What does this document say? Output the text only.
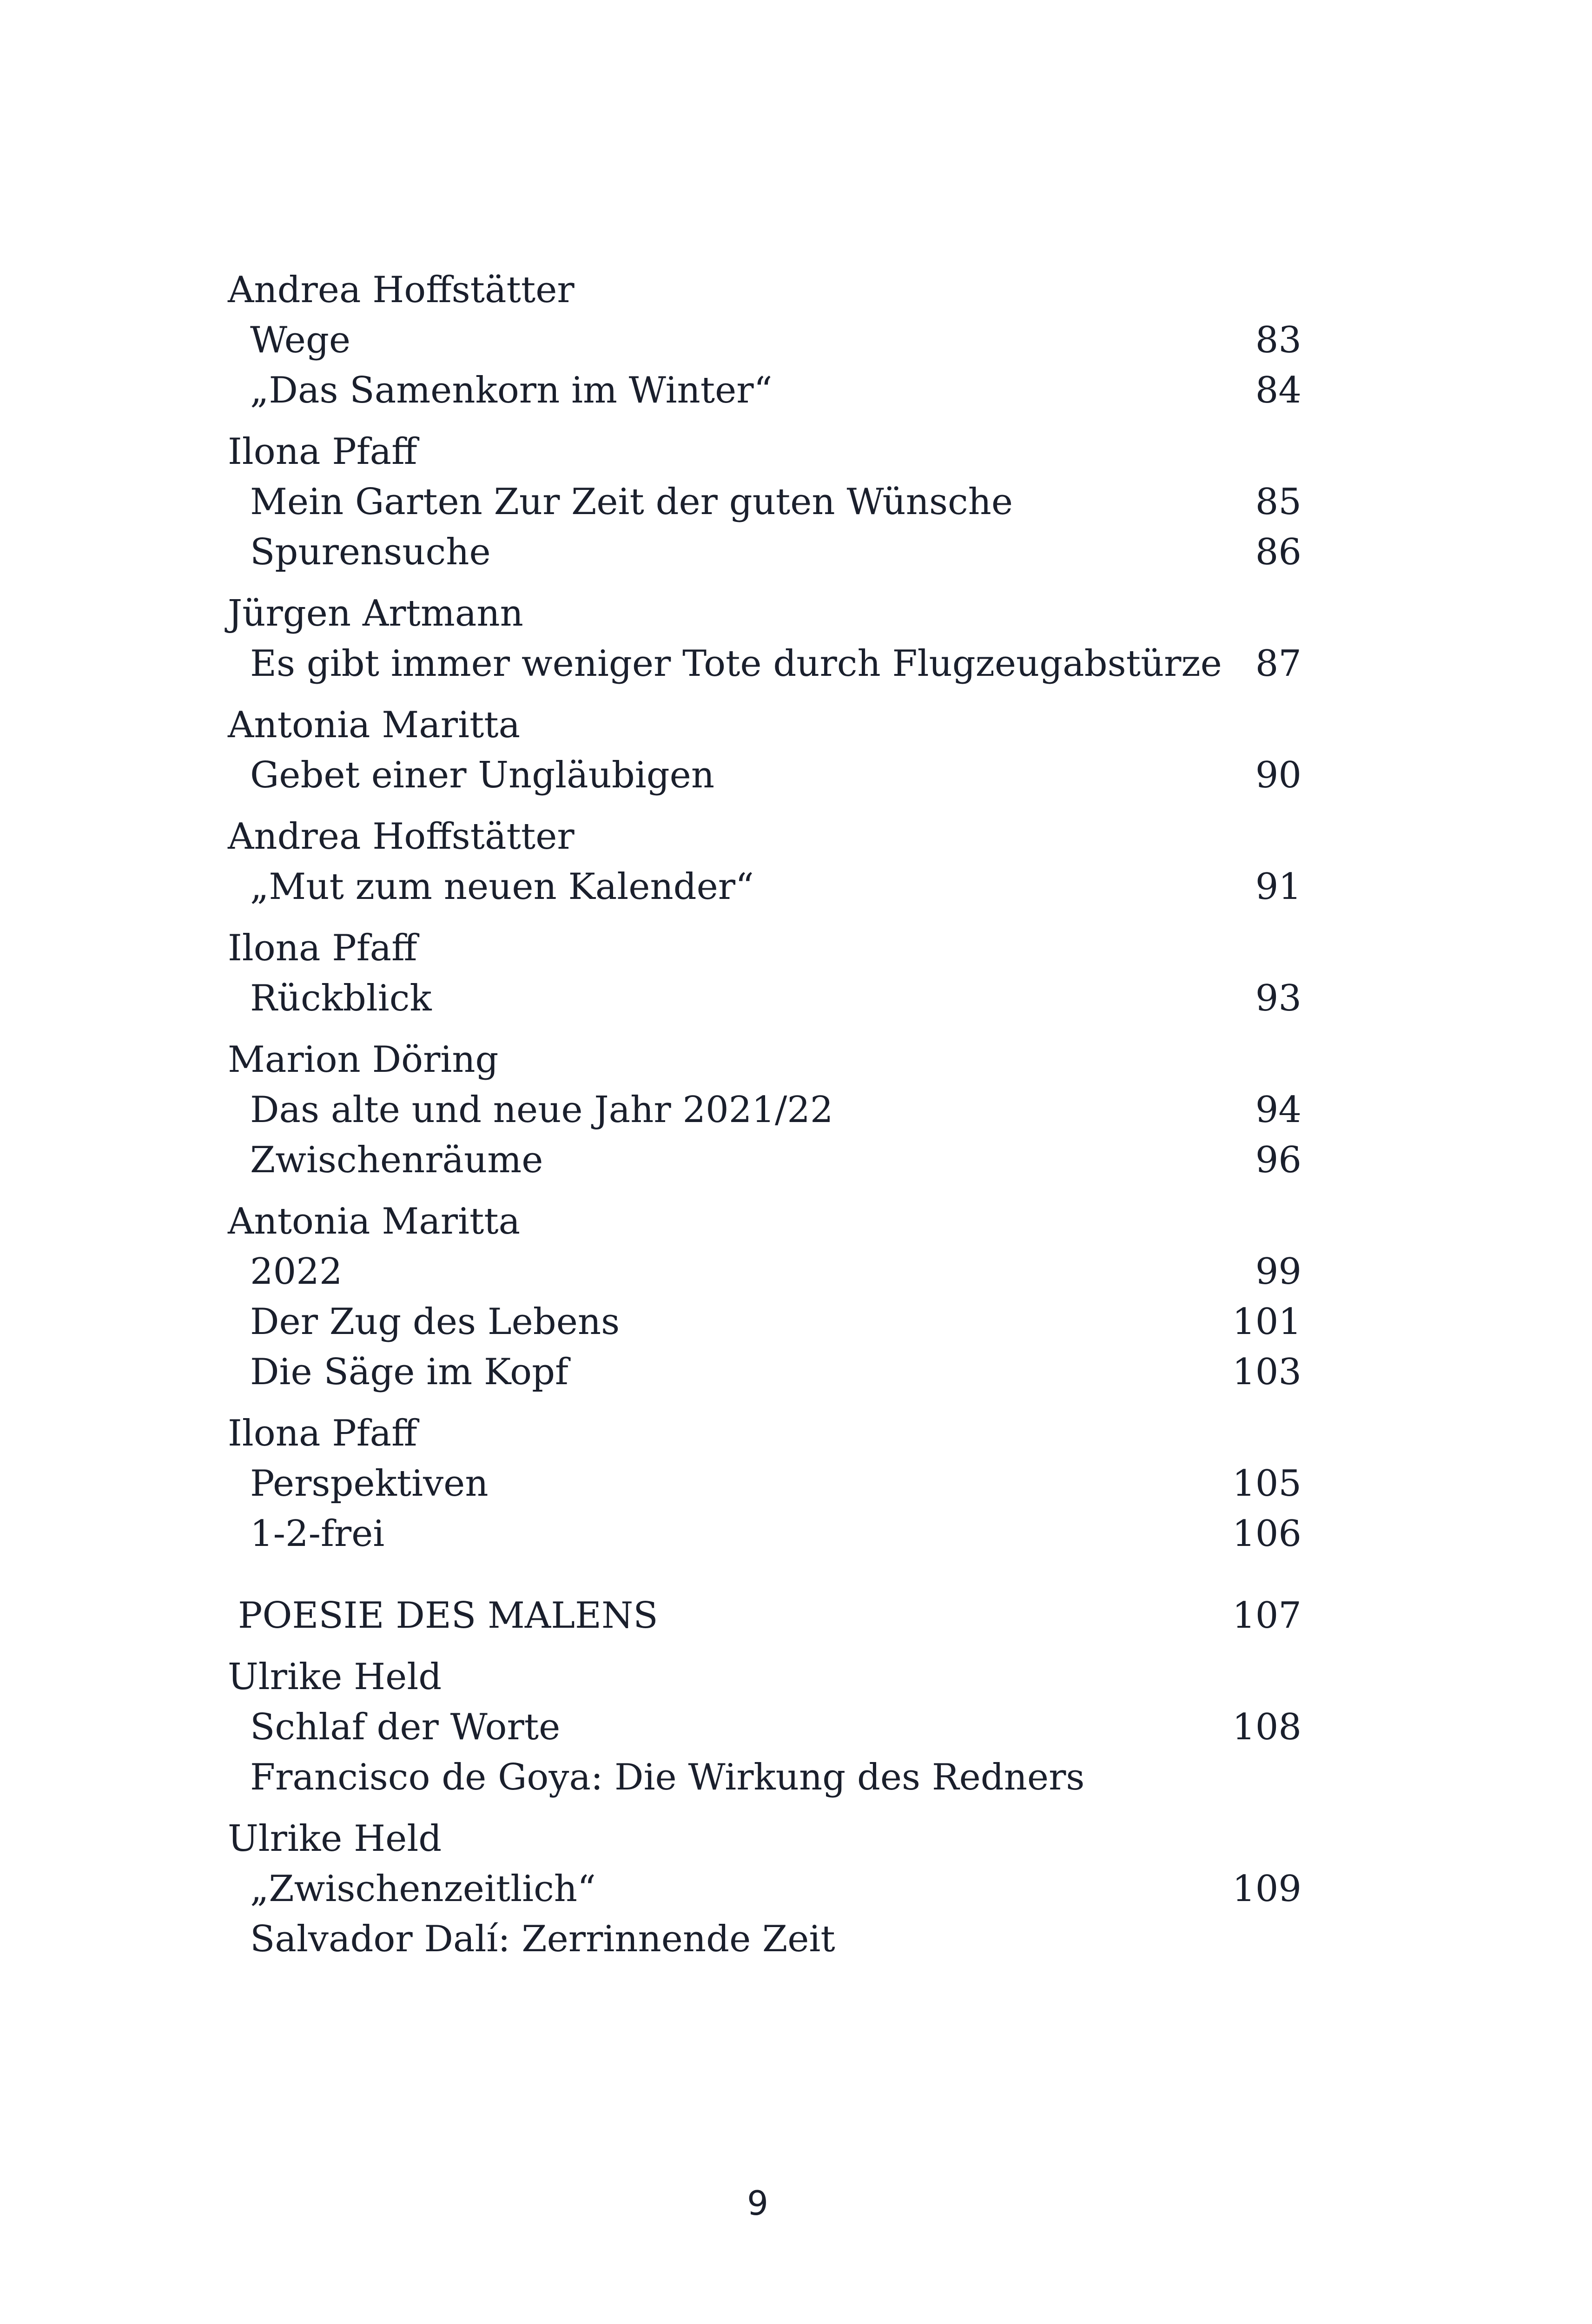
Andrea Hoffstätter
Wege	83
„Das Samenkorn im Winter“	84
Ilona Pfaff
Mein Garten Zur Zeit der guten Wünsche	85
Spurensuche	86
Jürgen Artmann
Es gibt immer weniger Tote durch Flugzeugabstürze 87
Antonia Maritta
Gebet einer Ungläubigen	90
Andrea Hoffstätter
„Mut zum neuen Kalender“	91
Ilona Pfaff
Rückblick	93
Marion Döring
Das alte und neue Jahr 2021/22	94
Zwischenräume	96
Antonia Maritta
2022	99
Der Zug des Lebens	101
Die Säge im Kopf	103
Ilona Pfaff
Perspektiven	105
1-2-frei	106
POESIE DES MALENS	107
Ulrike Held
Schlaf der Worte	108
Francisco de Goya: Die Wirkung des Redners
Ulrike Held
„Zwischenzeitlich“	109
Salvador Dalí: Zerrinnende Zeit
9
